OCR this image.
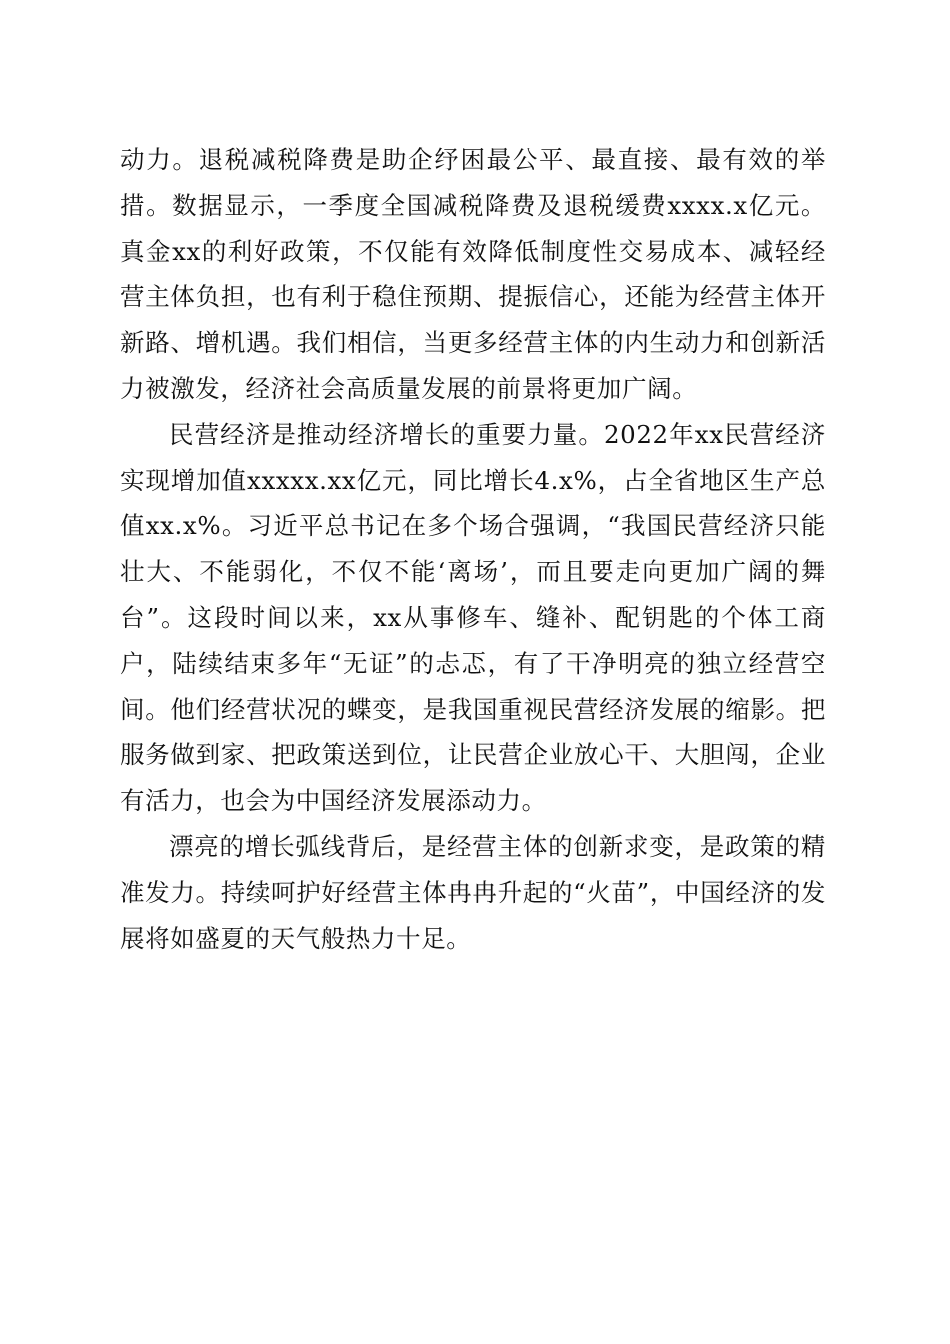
动力。退税减税降费是助企纾困最公平、最直接、最有效的举措。数据显示，一季度全国减税降费及退税缓费xxxx.x亿元。真金xx的利好政策，不仅能有效降低制度性交易成本、减轻经营主体负担，也有利于稳住预期、提振信心，还能为经营主体开新路、增机遇。我们相信，当更多经营主体的内生动力和创新活力被激发，经济社会高质量发展的前景将更加广阔。

民营经济是推动经济增长的重要力量。2022年xx民营经济实现增加值xxxxx.xx亿元，同比增长4.x%，占全省地区生产总值xx.x%。习近平总书记在多个场合强调，“我国民营经济只能壮大、不能弱化，不仅不能‘离场’，而且要走向更加广阔的舞台”。这段时间以来，xx从事修车、缝补、配钥匙的个体工商户，陆续结束多年“无证”的忐忑，有了干净明亮的独立经营空间。他们经营状况的蝶变，是我国重视民营经济发展的缩影。把服务做到家、把政策送到位，让民营企业放心干、大胆闯，企业有活力，也会为中国经济发展添动力。

漂亮的增长弧线背后，是经营主体的创新求变，是政策的精准发力。持续呵护好经营主体冉冉升起的“火苗”，中国经济的发展将如盛夏的天气般热力十足。
